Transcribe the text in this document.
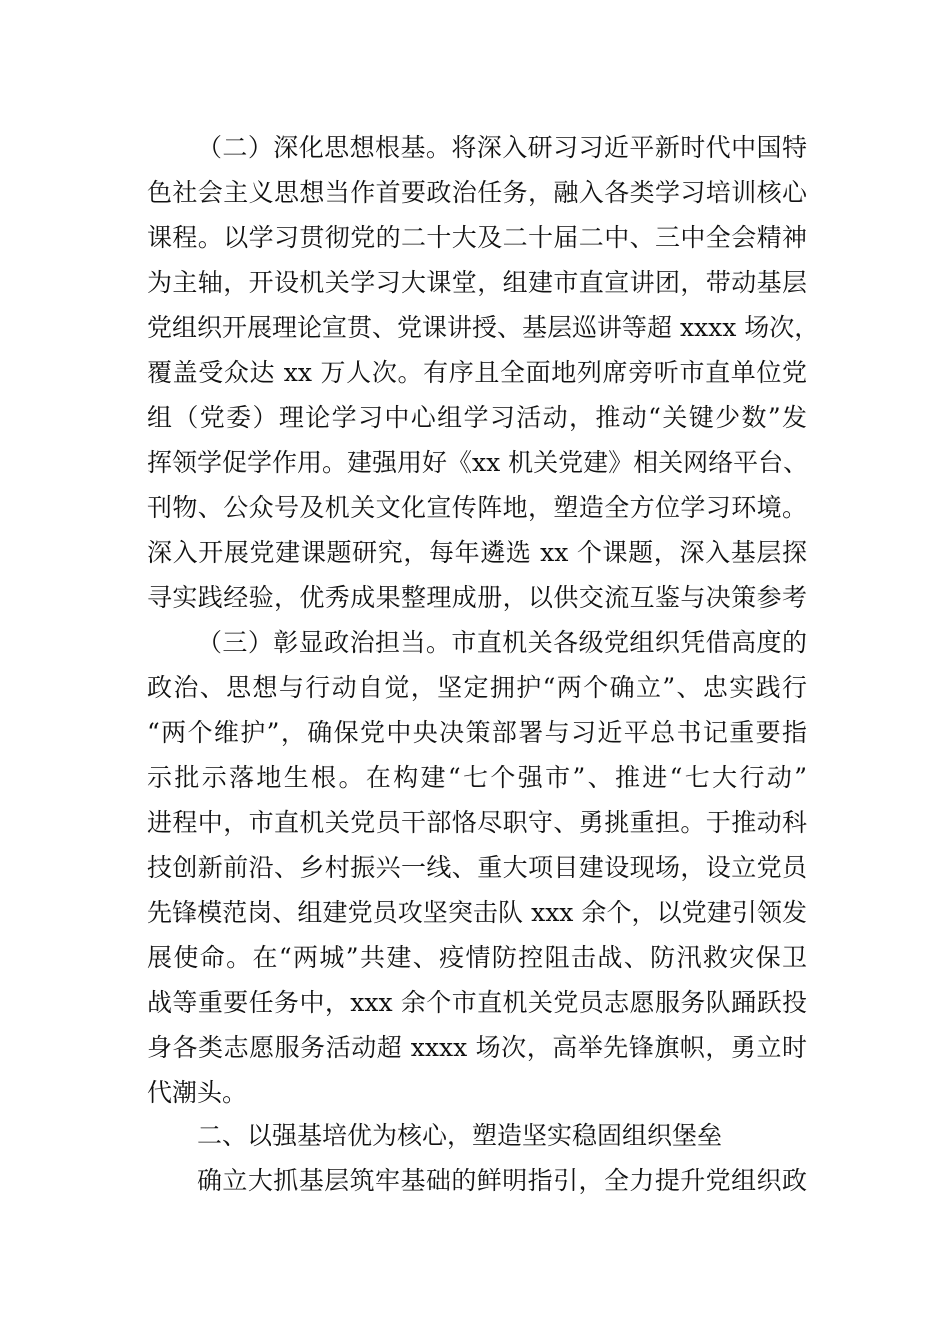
（二）深化思想根基。将深入研习习近平新时代中国特
色社会主义思想当作首要政治任务，融入各类学习培训核心
课程。以学习贯彻党的二十大及二十届二中、三中全会精神
为主轴，开设机关学习大课堂，组建市直宣讲团，带动基层
党组织开展理论宣贯、党课讲授、基层巡讲等超 xxxx 场次，
覆盖受众达 xx 万人次。有序且全面地列席旁听市直单位党
组（党委）理论学习中心组学习活动，推动“关键少数”发
挥领学促学作用。建强用好《xx 机关党建》相关网络平台、
刊物、公众号及机关文化宣传阵地，塑造全方位学习环境。
深入开展党建课题研究，每年遴选 xx 个课题，深入基层探
寻实践经验，优秀成果整理成册，以供交流互鉴与决策参考
（三）彰显政治担当。市直机关各级党组织凭借高度的
政治、思想与行动自觉，坚定拥护“两个确立”、忠实践行
“两个维护”，确保党中央决策部署与习近平总书记重要指
示批示落地生根。在构建“七个强市”、推进“七大行动”
进程中，市直机关党员干部恪尽职守、勇挑重担。于推动科
技创新前沿、乡村振兴一线、重大项目建设现场，设立党员
先锋模范岗、组建党员攻坚突击队 xxx 余个，以党建引领发
展使命。在“两城”共建、疫情防控阻击战、防汛救灾保卫
战等重要任务中，xxx 余个市直机关党员志愿服务队踊跃投
身各类志愿服务活动超 xxxx 场次，高举先锋旗帜，勇立时
代潮头。
二、以强基培优为核心，塑造坚实稳固组织堡垒
确立大抓基层筑牢基础的鲜明指引，全力提升党组织政
